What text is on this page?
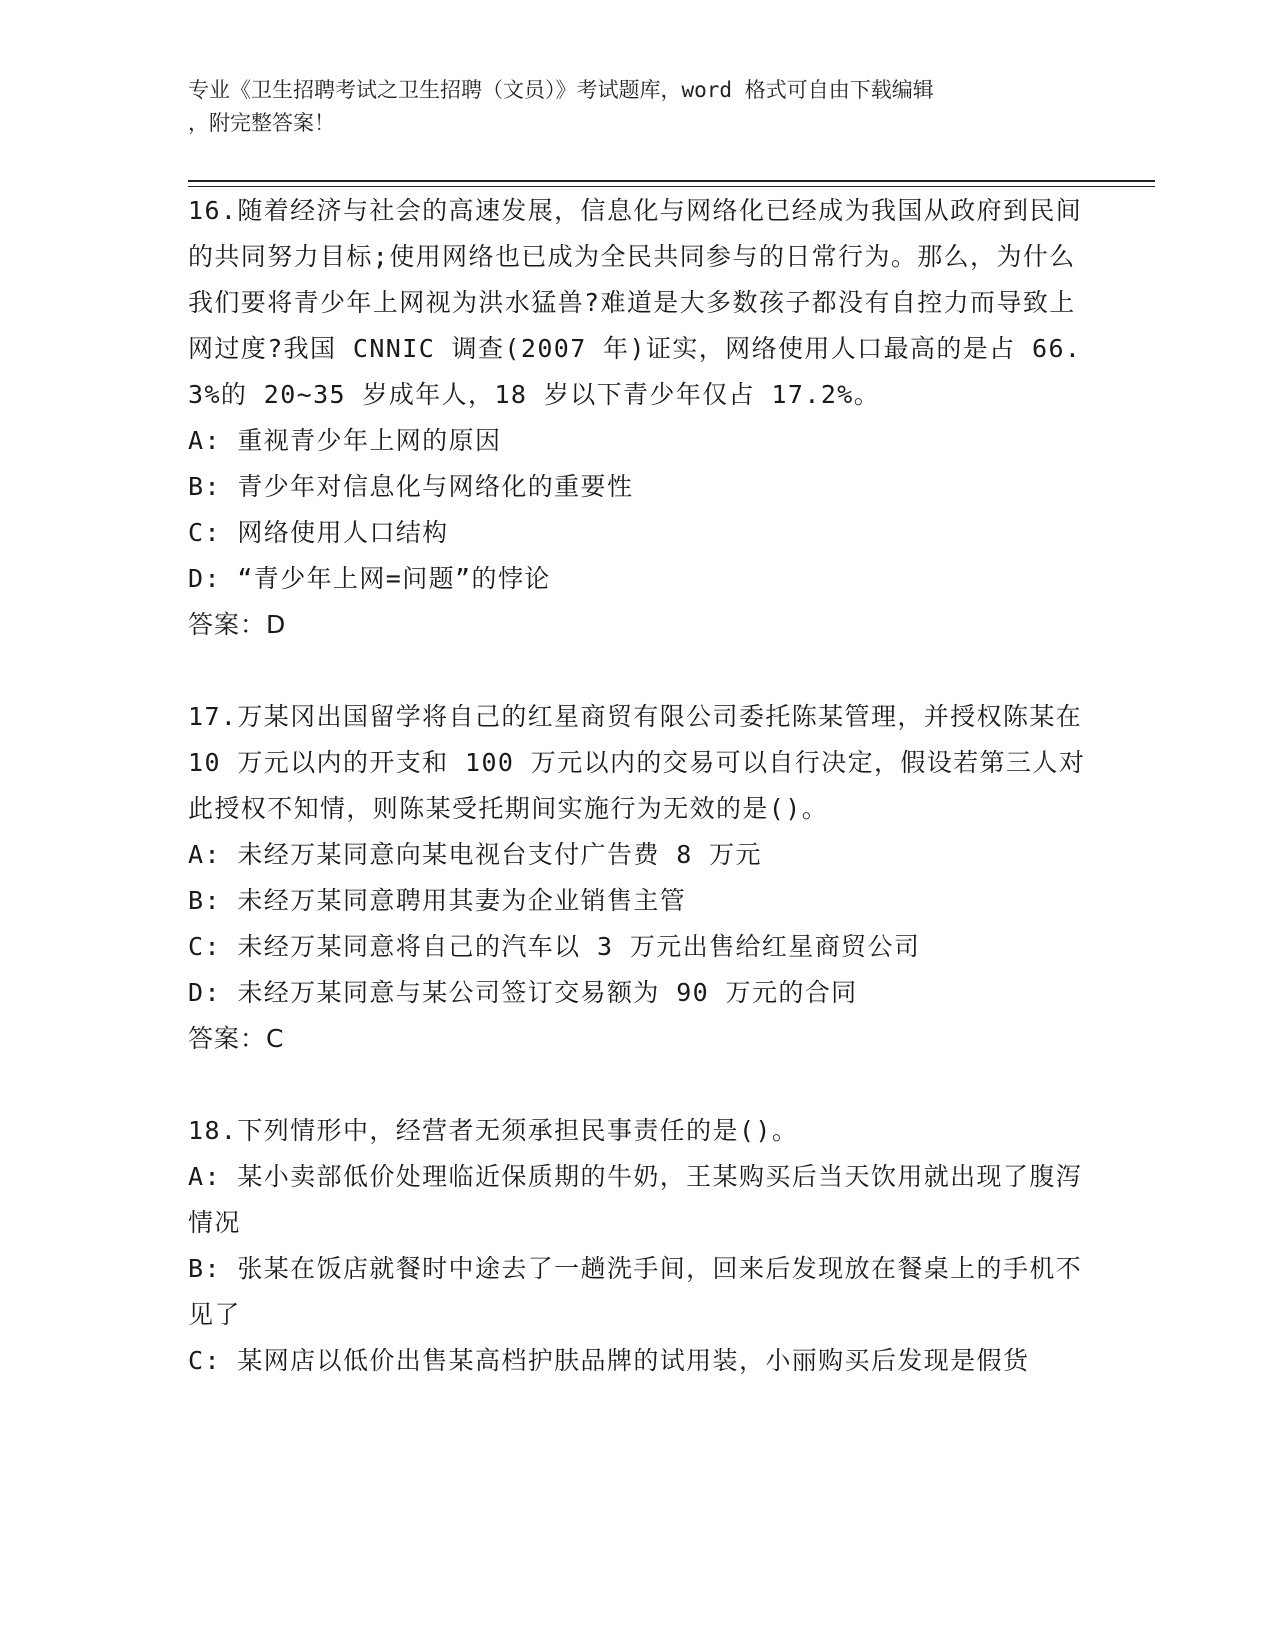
专业《卫生招聘考试之卫生招聘（文员）》考试题库，word 格式可自由下载编辑
，附完整答案！
16.随着经济与社会的高速发展，信息化与网络化已经成为我国从政府到民间的共同努力目标;使用网络也已成为全民共同参与的日常行为。那么，为什么我们要将青少年上网视为洪水猛兽?难道是大多数孩子都没有自控力而导致上网过度?我国 CNNIC 调查(2007 年)证实，网络使用人口最高的是占 66.3%的 20~35 岁成年人，18 岁以下青少年仅占 17.2%。
A: 重视青少年上网的原因
B: 青少年对信息化与网络化的重要性
C: 网络使用人口结构
D: “青少年上网=问题”的悖论
答案：D
17.万某冈出国留学将自己的红星商贸有限公司委托陈某管理，并授权陈某在 10 万元以内的开支和 100 万元以内的交易可以自行决定，假设若第三人对此授权不知情，则陈某受托期间实施行为无效的是()。
A: 未经万某同意向某电视台支付广告费 8 万元
B: 未经万某同意聘用其妻为企业销售主管
C: 未经万某同意将自己的汽车以 3 万元出售给红星商贸公司
D: 未经万某同意与某公司签订交易额为 90 万元的合同
答案：C
18.下列情形中，经营者无须承担民事责任的是()。
A: 某小卖部低价处理临近保质期的牛奶，王某购买后当天饮用就出现了腹泻情况
B: 张某在饭店就餐时中途去了一趟洗手间，回来后发现放在餐桌上的手机不见了
C: 某网店以低价出售某高档护肤品牌的试用装，小丽购买后发现是假货
